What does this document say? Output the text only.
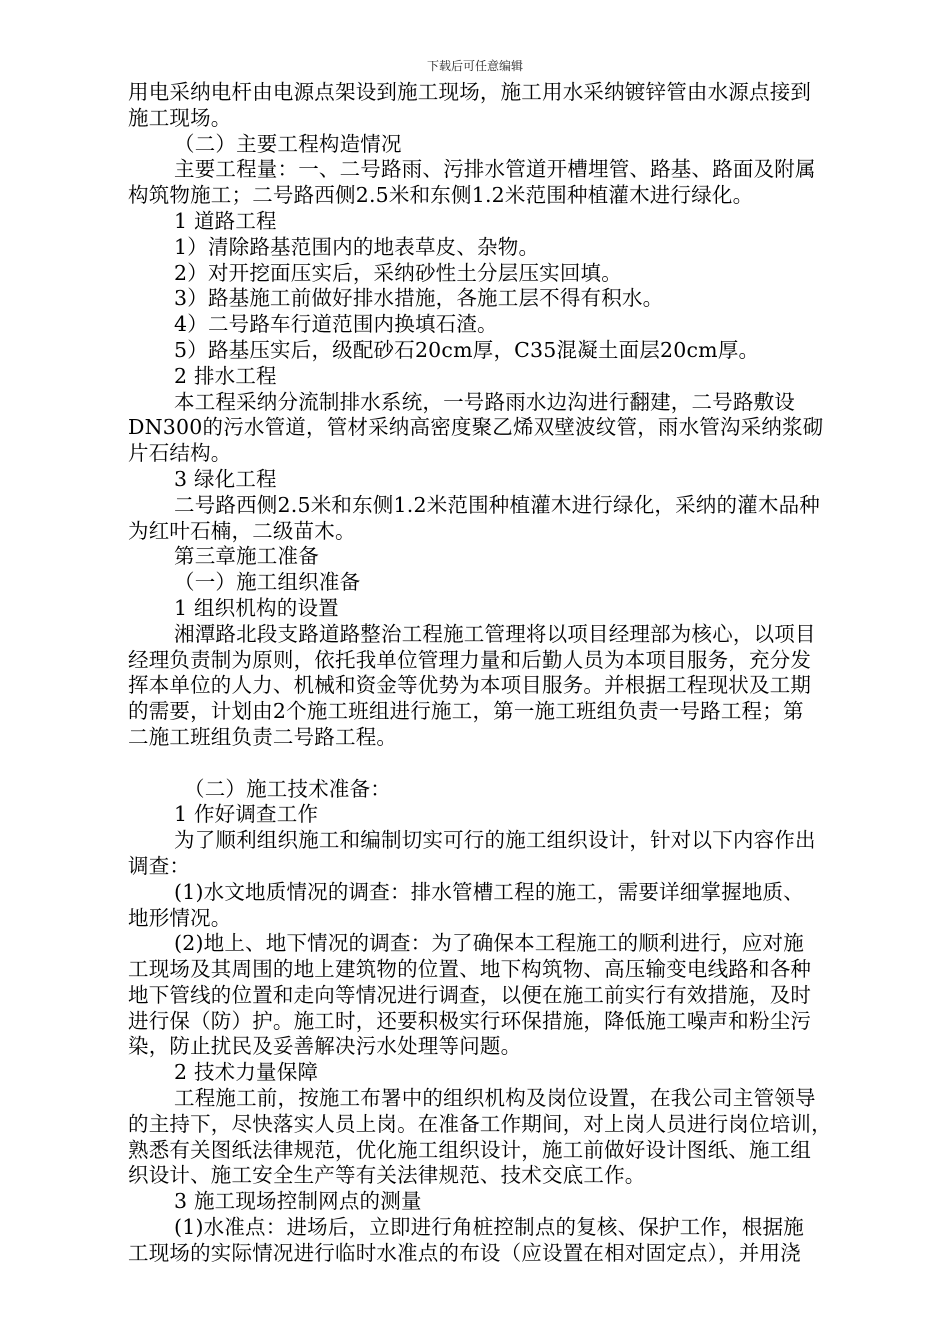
下载后可任意编辑
用电采纳电杆由电源点架设到施工现场，施工用水采纳镀锌管由水源点接到
施工现场。
（二）主要工程构造情况
主要工程量：一、二号路雨、污排水管道开槽埋管、路基、路面及附属
构筑物施工；二号路西侧2.5米和东侧1.2米范围种植灌木进行绿化。
1 道路工程
1）清除路基范围内的地表草皮、杂物。
2）对开挖面压实后，采纳砂性土分层压实回填。
3）路基施工前做好排水措施，各施工层不得有积水。
4）二号路车行道范围内换填石渣。
5）路基压实后，级配砂石20cm厚，C35混凝土面层20cm厚。
2 排水工程
本工程采纳分流制排水系统，一号路雨水边沟进行翻建，二号路敷设
DN300的污水管道，管材采纳高密度聚乙烯双壁波纹管，雨水管沟采纳浆砌
片石结构。
3 绿化工程
二号路西侧2.5米和东侧1.2米范围种植灌木进行绿化，采纳的灌木品种
为红叶石楠，二级苗木。
第三章施工准备
（一）施工组织准备
1 组织机构的设置
湘潭路北段支路道路整治工程施工管理将以项目经理部为核心，以项目
经理负责制为原则，依托我单位管理力量和后勤人员为本项目服务，充分发
挥本单位的人力、机械和资金等优势为本项目服务。并根据工程现状及工期
的需要，计划由2个施工班组进行施工，第一施工班组负责一号路工程；第
二施工班组负责二号路工程。
（二）施工技术准备：
1 作好调查工作
为了顺利组织施工和编制切实可行的施工组织设计，针对以下内容作出
调查：
(1)水文地质情况的调查：排水管槽工程的施工，需要详细掌握地质、
地形情况。
(2)地上、地下情况的调查：为了确保本工程施工的顺利进行，应对施
工现场及其周围的地上建筑物的位置、地下构筑物、高压输变电线路和各种
地下管线的位置和走向等情况进行调查，以便在施工前实行有效措施，及时
进行保（防）护。施工时，还要积极实行环保措施，降低施工噪声和粉尘污
染，防止扰民及妥善解决污水处理等问题。
2 技术力量保障
工程施工前，按施工布署中的组织机构及岗位设置，在我公司主管领导
的主持下，尽快落实人员上岗。在准备工作期间，对上岗人员进行岗位培训，
熟悉有关图纸法律规范，优化施工组织设计，施工前做好设计图纸、施工组
织设计、施工安全生产等有关法律规范、技术交底工作。
3 施工现场控制网点的测量
(1)水准点：进场后，立即进行角桩控制点的复核、保护工作，根据施
工现场的实际情况进行临时水准点的布设（应设置在相对固定点），并用浇
